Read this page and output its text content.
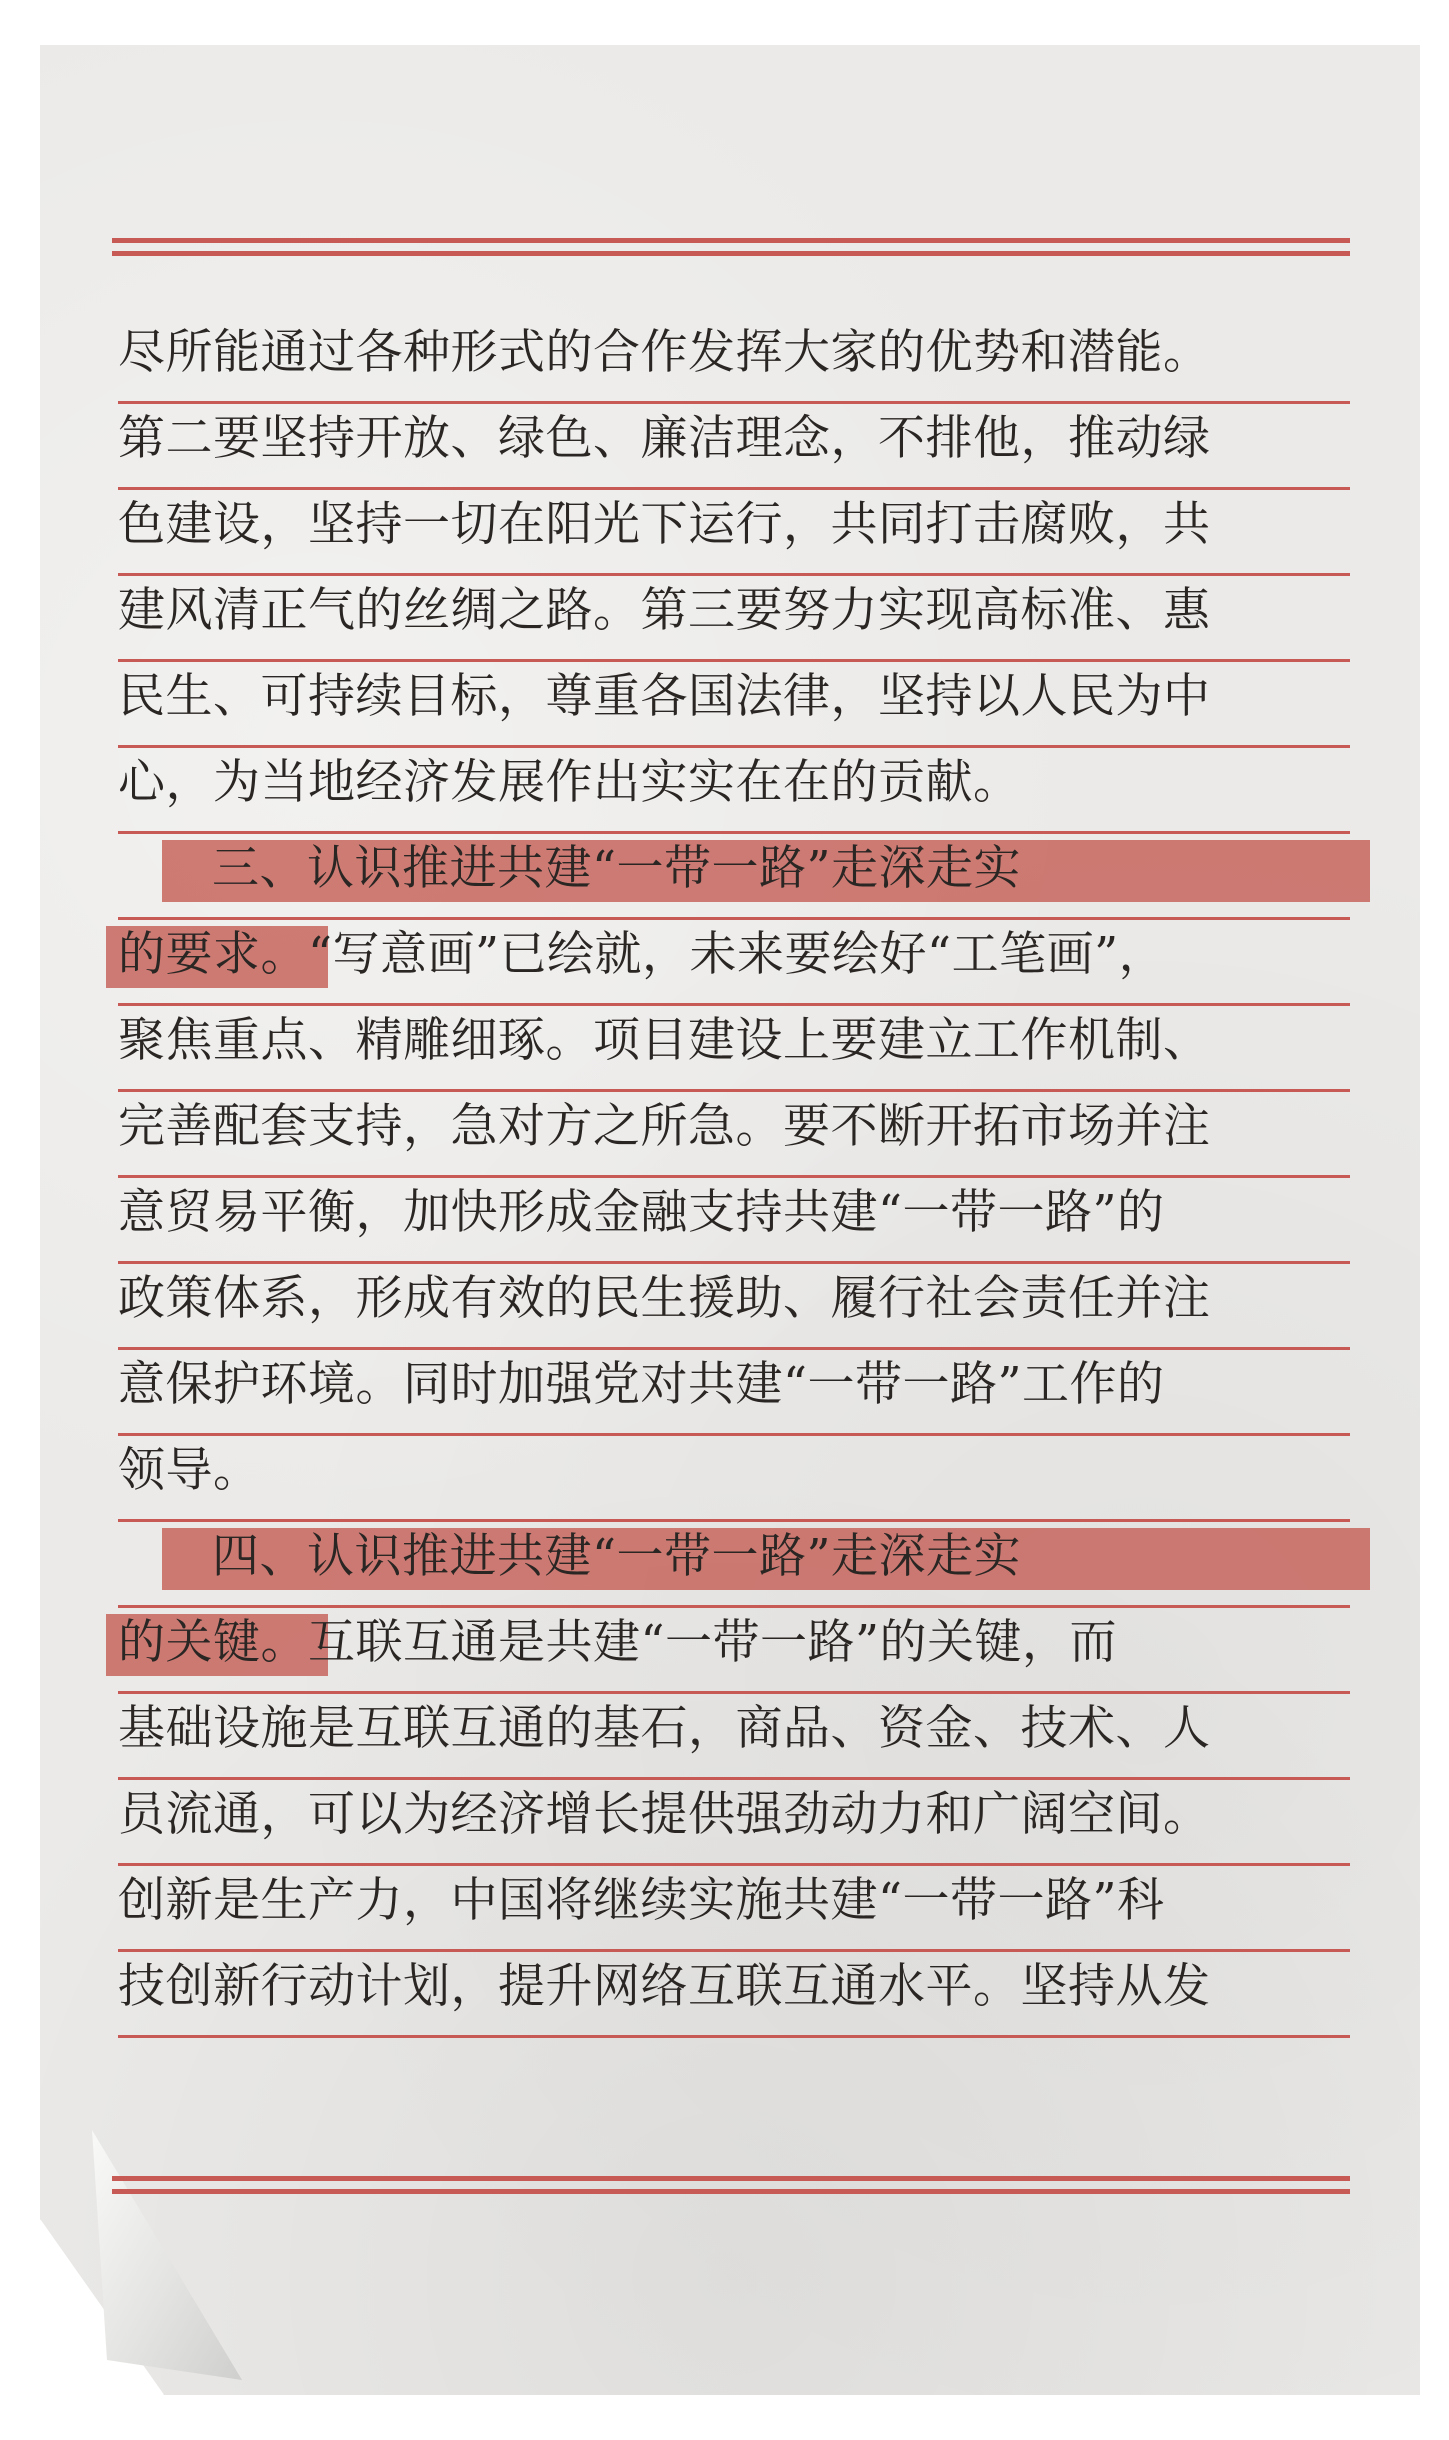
尽所能通过各种形式的合作发挥大家的优势和潜能。
第二要坚持开放、绿色、廉洁理念，不排他，推动绿
色建设，坚持一切在阳光下运行，共同打击腐败，共
建风清正气的丝绸之路。第三要努力实现高标准、惠
民生、可持续目标，尊重各国法律，坚持以人民为中
心，为当地经济发展作出实实在在的贡献。
三、认识推进共建“一带一路”走深走实
的要求。“写意画”已绘就，未来要绘好“工笔画”，
聚焦重点、精雕细琢。项目建设上要建立工作机制、
完善配套支持，急对方之所急。要不断开拓市场并注
意贸易平衡，加快形成金融支持共建“一带一路”的
政策体系，形成有效的民生援助、履行社会责任并注
意保护环境。同时加强党对共建“一带一路”工作的
领导。
四、认识推进共建“一带一路”走深走实
的关键。互联互通是共建“一带一路”的关键，而
基础设施是互联互通的基石，商品、资金、技术、人
员流通，可以为经济增长提供强劲动力和广阔空间。
创新是生产力，中国将继续实施共建“一带一路”科
技创新行动计划，提升网络互联互通水平。坚持从发
